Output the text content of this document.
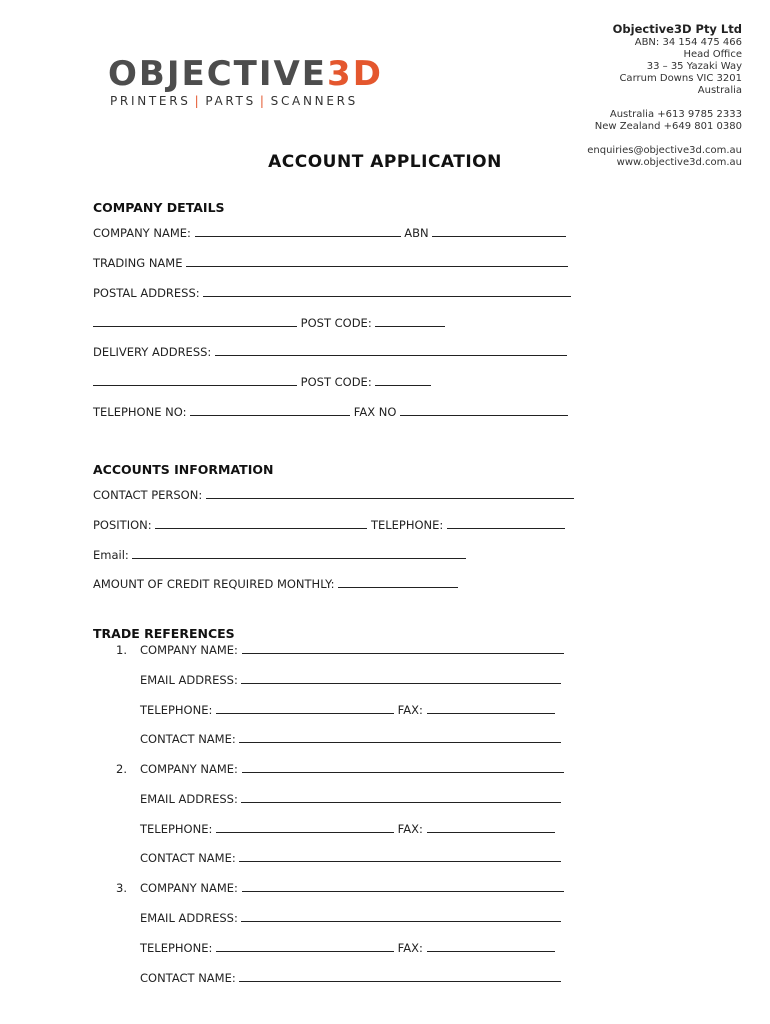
OBJECTIVE3D
PRINTERS | PARTS | SCANNERS
Objective3D Pty Ltd
ABN: 34 154 475 466
Head Office
33 – 35 Yazaki Way
Carrum Downs VIC 3201
Australia
Australia +613 9785 2333
New Zealand +649 801 0380
enquiries@objective3d.com.au
www.objective3d.com.au
ACCOUNT APPLICATION
COMPANY DETAILS
COMPANY NAME:	ABN
TRADING NAME
POSTAL ADDRESS:
POST CODE:
DELIVERY ADDRESS:
POST CODE:
TELEPHONE NO:	FAX NO
ACCOUNTS INFORMATION
CONTACT PERSON:
POSITION:	TELEPHONE:
Email:
AMOUNT OF CREDIT REQUIRED MONTHLY:
TRADE REFERENCES
1. COMPANY NAME:
EMAIL ADDRESS:
TELEPHONE:	FAX:
CONTACT NAME:
2. COMPANY NAME:
EMAIL ADDRESS:
TELEPHONE:	FAX:
CONTACT NAME:
3. COMPANY NAME:
EMAIL ADDRESS:
TELEPHONE:	FAX:
CONTACT NAME:
